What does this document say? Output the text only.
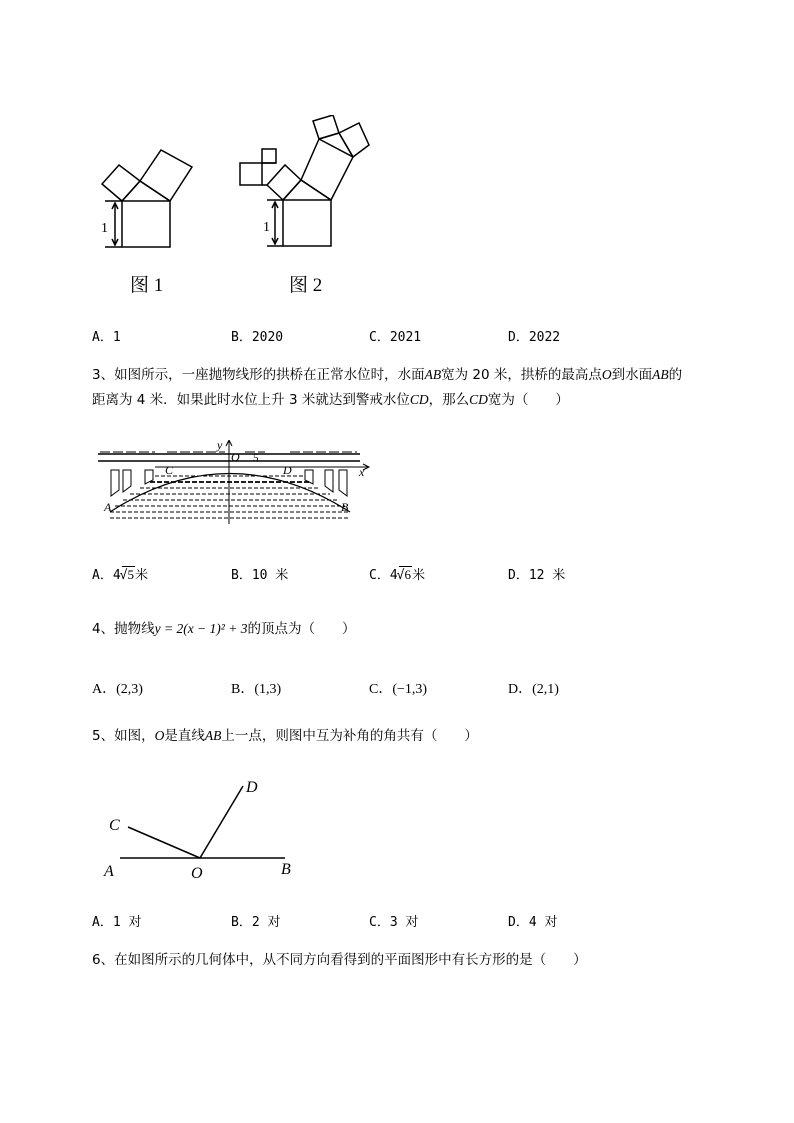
1
图 1
1
图 2
A．1	B．2020	C．2021	D．2022
3、如图所示，一座抛物线形的拱桥在正常水位时，水面AB宽为 20 米，拱桥的最高点O到水面AB的
距离为 4 米．如果此时水位上升 3 米就达到警戒水位CD，那么CD宽为（　　）
y
O 5
x
C	D
A	B
A．4√5米	B．10 米	C．4√6米	D．12 米
4、抛物线y = 2(x − 1)² + 3的顶点为（　　）
A．(2,3)	B．(1,3)	C．(−1,3)	D．(2,1)
5、如图，O是直线AB上一点，则图中互为补角的角共有（　　）
A	B
C
D
O
A．1 对	B．2 对	C．3 对	D．4 对
6、在如图所示的几何体中，从不同方向看得到的平面图形中有长方形的是（　　）
